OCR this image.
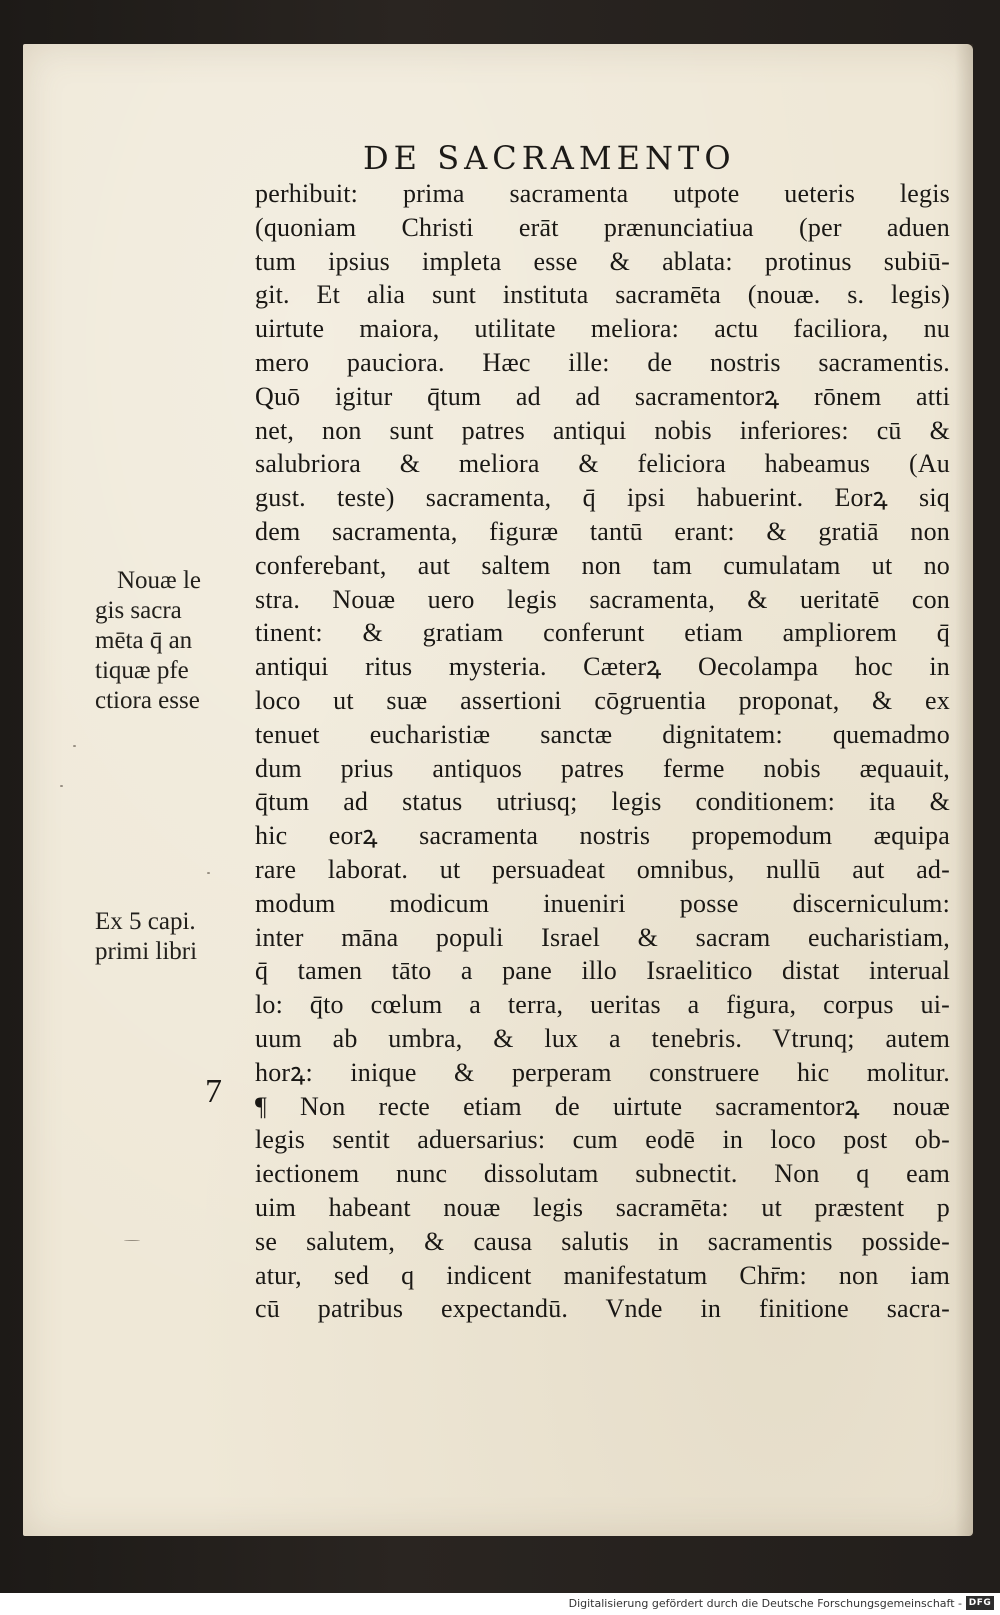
DE SACRAMENTO
Nouæ le
gis sacra
mēta q̄ an
tiquæ pfe
ctiora esse
Ex 5 capi.
primi libri
7
perhibuit: prima sacramenta utpote ueteris legis
(quoniam Christi erāt prænunciatiua (per aduen
tum ipsius impleta esse & ablata: protinus subiū-
git. Et alia sunt instituta sacramēta (nouæ. s. legis)
uirtute maiora, utilitate meliora: actu faciliora, nu
mero pauciora. Hæc ille: de nostris sacramentis.
Quō igitur q̄tum ad ad sacramentorꝝ rōnem atti
net, non sunt patres antiqui nobis inferiores: cū &
salubriora & meliora & feliciora habeamus (Au
gust. teste) sacramenta, q̄ ipsi habuerint. Eorꝝ siq
dem sacramenta, figuræ tantū erant: & gratiā non
conferebant, aut saltem non tam cumulatam ut no
stra. Nouæ uero legis sacramenta, & ueritatē con
tinent: & gratiam conferunt etiam ampliorem q̄
antiqui ritus mysteria. Cæterꝝ Oecolampa hoc in
loco ut suæ assertioni cōgruentia proponat, & ex
tenuet eucharistiæ sanctæ dignitatem: quemadmo
dum prius antiquos patres ferme nobis æquauit,
q̄tum ad status utriusq; legis conditionem: ita &
hic eorꝝ sacramenta nostris propemodum æquipa
rare laborat. ut persuadeat omnibus, nullū aut ad-
modum modicum inueniri posse discerniculum:
inter māna populi Israel & sacram eucharistiam,
q̄ tamen tāto a pane illo Israelitico distat interual
lo: q̄to cœlum a terra, ueritas a figura, corpus ui-
uum ab umbra, & lux a tenebris. Vtrunq; autem
horꝝ: inique & perperam construere hic molitur.
¶ Non recte etiam de uirtute sacramentorꝝ nouæ
legis sentit aduersarius: cum eodē in loco post ob-
iectionem nunc dissolutam subnectit. Non q eam
uim habeant nouæ legis sacramēta: ut præstent p
se salutem, & causa salutis in sacramentis posside-
atur, sed q indicent manifestatum Chr̄m: non iam
cū patribus expectandū. Vnde in finitione sacra-
Digitalisierung gefördert durch die Deutsche Forschungsgemeinschaft - DFG
